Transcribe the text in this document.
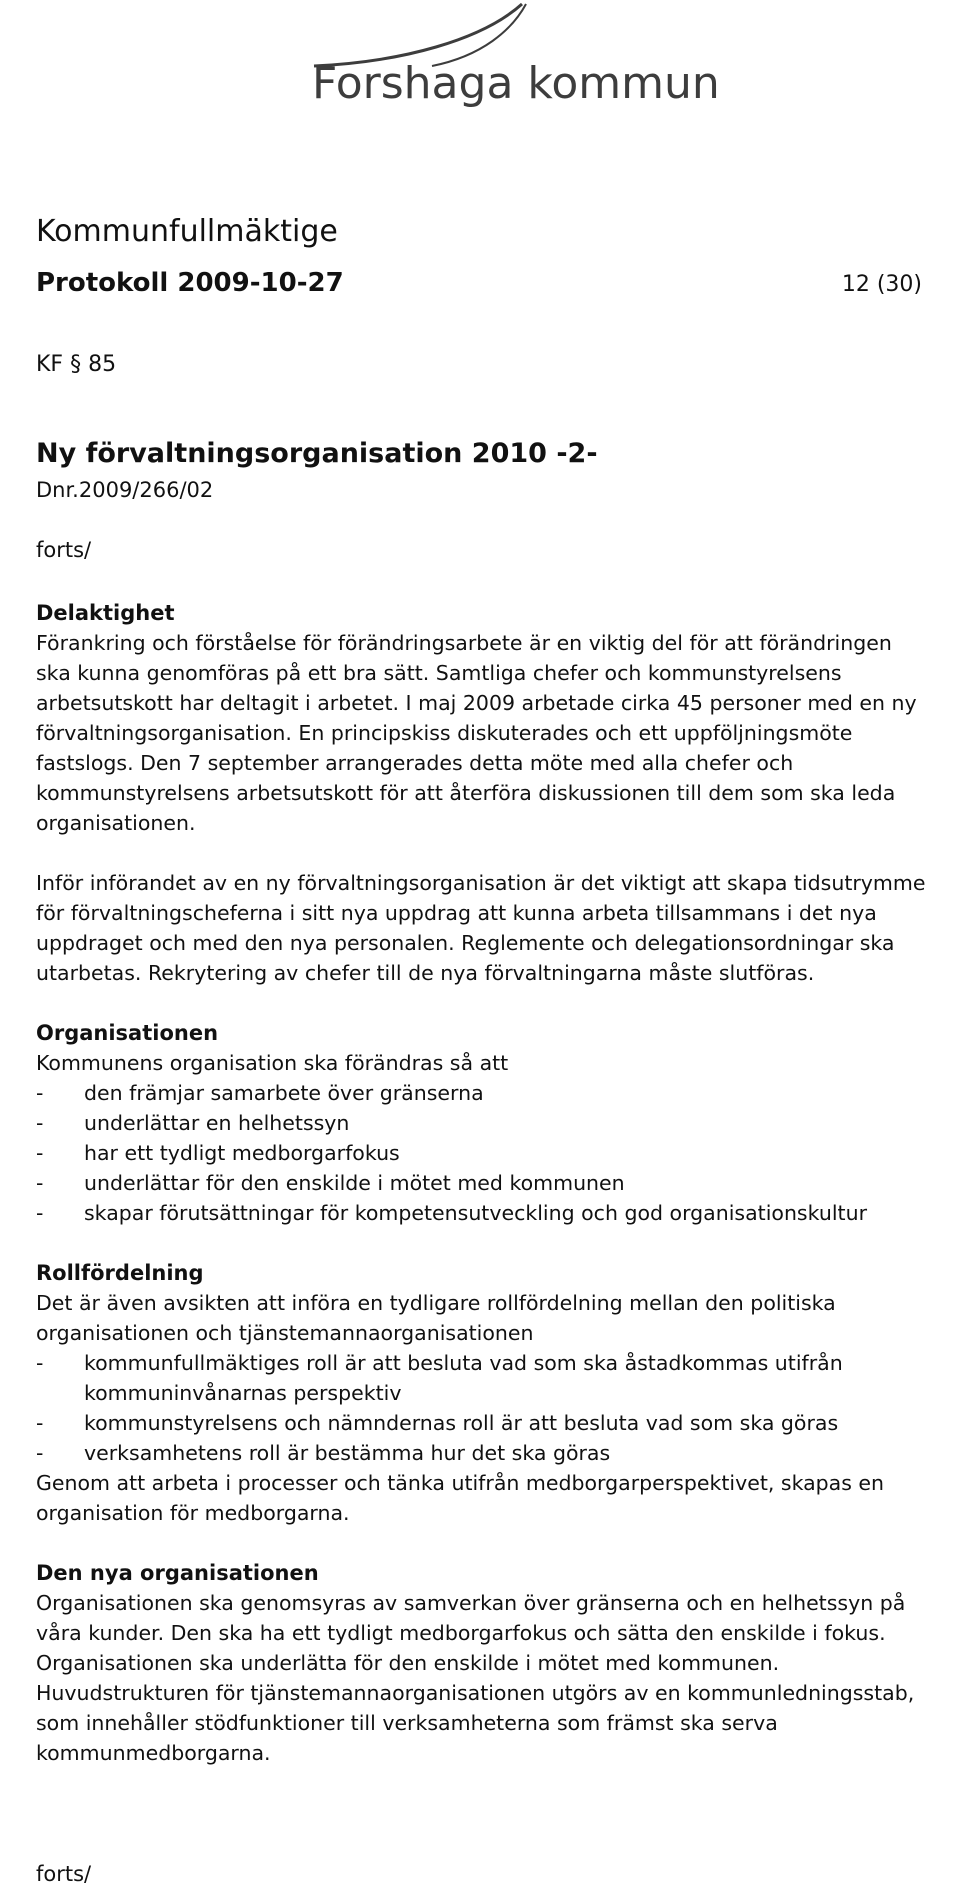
Forshaga kommun
Kommunfullmäktige
Protokoll 2009-10-27	12 (30)
KF § 85
Ny förvaltningsorganisation 2010 -2-
Dnr.2009/266/02
forts/
Delaktighet

Förankring och förståelse för förändringsarbete är en viktig del för att förändringen ska kunna genomföras på ett bra sätt. Samtliga chefer och kommunstyrelsens arbetsutskott har deltagit i arbetet. I maj 2009 arbetade cirka 45 personer med en ny förvaltningsorganisation. En principskiss diskuterades och ett uppföljningsmöte fastslogs. Den 7 september arrangerades detta möte med alla chefer och kommunstyrelsens arbetsutskott för att återföra diskussionen till dem som ska leda organisationen.

Inför införandet av en ny förvaltningsorganisation är det viktigt att skapa tidsutrymme för förvaltningscheferna i sitt nya uppdrag att kunna arbeta tillsammans i det nya uppdraget och med den nya personalen. Reglemente och delegationsordningar ska utarbetas. Rekrytering av chefer till de nya förvaltningarna måste slutföras.

Organisationen

Kommunens organisation ska förändras så att

- den främjar samarbete över gränserna
- underlättar en helhetssyn
- har ett tydligt medborgarfokus
- underlättar för den enskilde i mötet med kommunen
- skapar förutsättningar för kompetensutveckling och god organisationskultur
Rollfördelning

Det är även avsikten att införa en tydligare rollfördelning mellan den politiska organisationen och tjänstemannaorganisationen

- kommunfullmäktiges roll är att besluta vad som ska åstadkommas utifrån kommuninvånarnas perspektiv
- kommunstyrelsens och nämndernas roll är att besluta vad som ska göras
- verksamhetens roll är bestämma hur det ska göras

Genom att arbeta i processer och tänka utifrån medborgarperspektivet, skapas en organisation för medborgarna.

Den nya organisationen

Organisationen ska genomsyras av samverkan över gränserna och en helhetssyn på våra kunder. Den ska ha ett tydligt medborgarfokus och sätta den enskilde i fokus. Organisationen ska underlätta för den enskilde i mötet med kommunen. Huvudstrukturen för tjänstemannaorganisationen utgörs av en kommunledningsstab, som innehåller stödfunktioner till verksamheterna som främst ska serva kommunmedborgarna.

forts/
